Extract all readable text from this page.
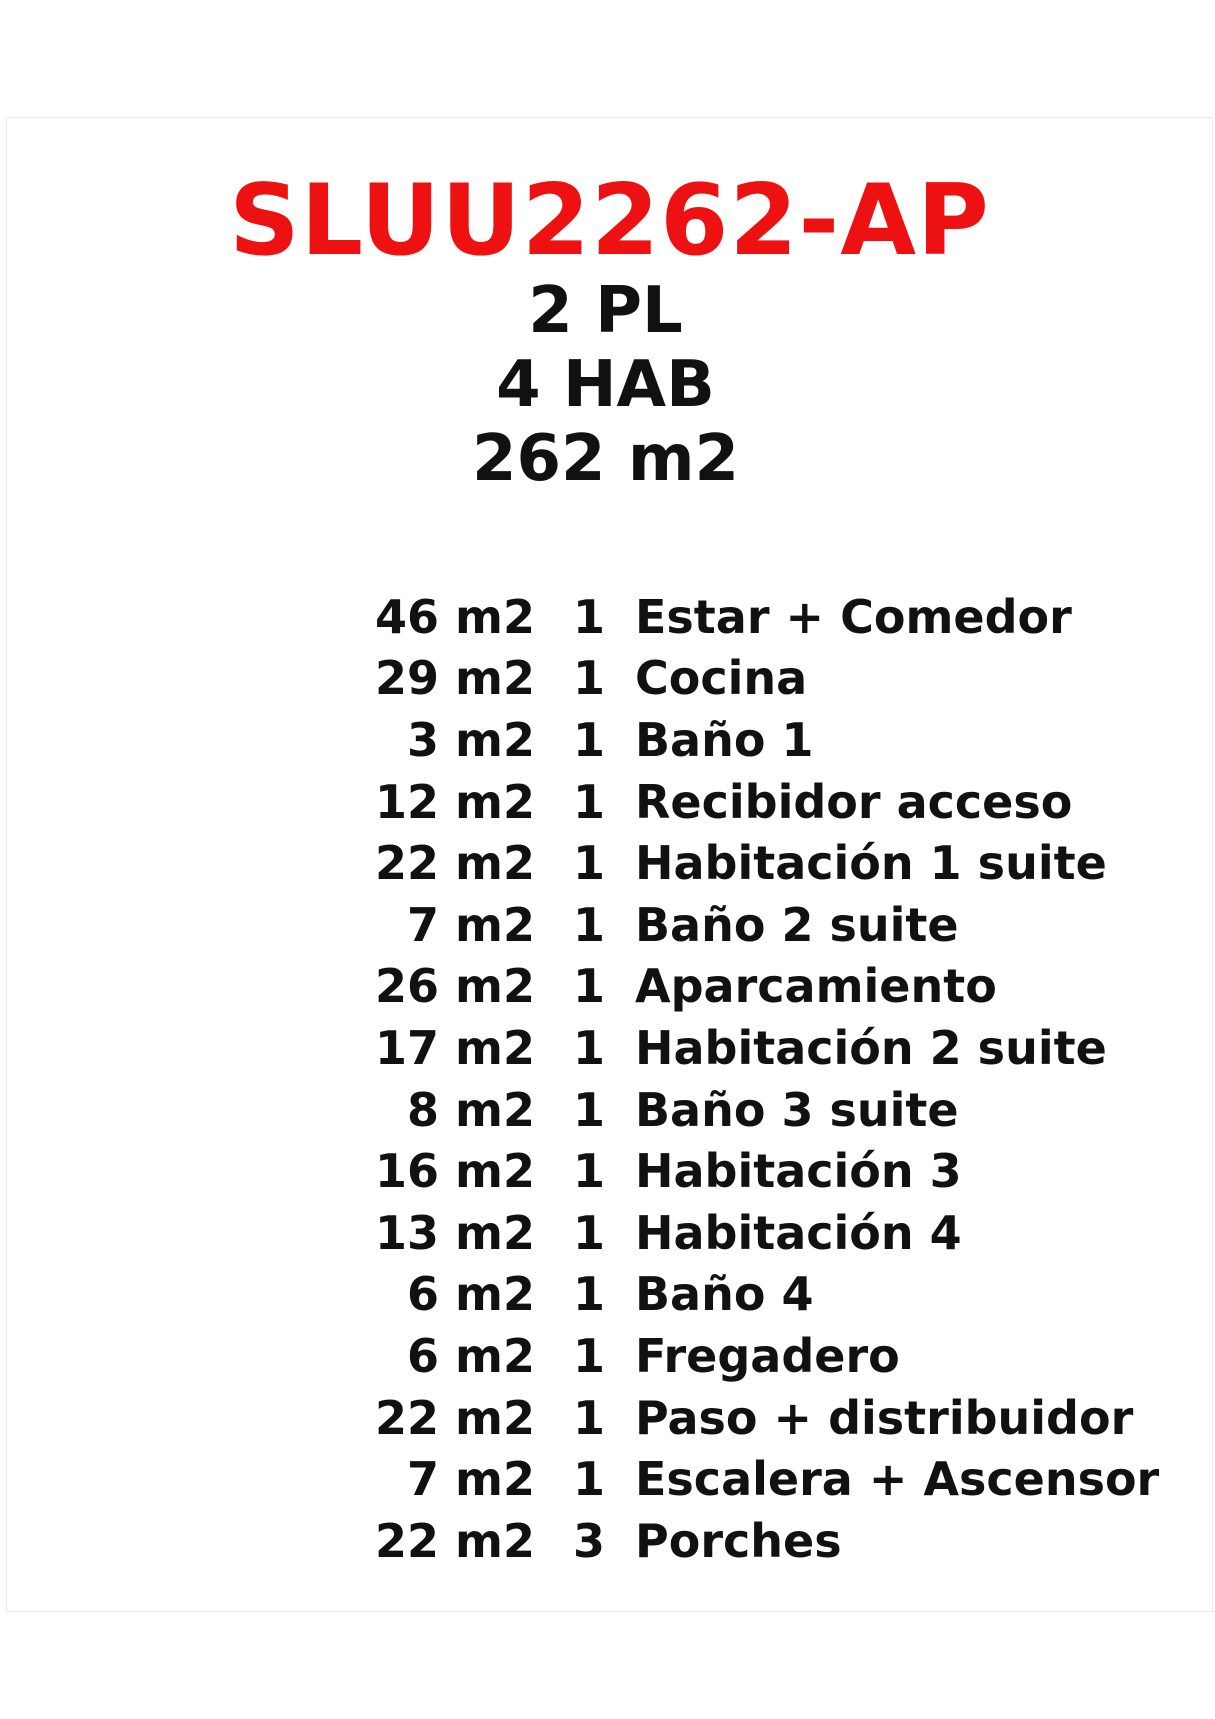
SLUU2262-AP
2 PL
4 HAB
262 m2
46 m2 1 Estar + Comedor
29 m2 1 Cocina
3 m2 1 Baño 1
12 m2 1 Recibidor acceso
22 m2 1 Habitación 1 suite
7 m2 1 Baño 2 suite
26 m2 1 Aparcamiento
17 m2 1 Habitación 2 suite
8 m2 1 Baño 3 suite
16 m2 1 Habitación 3
13 m2 1 Habitación 4
6 m2 1 Baño 4
6 m2 1 Fregadero
22 m2 1 Paso + distribuidor
7 m2 1 Escalera + Ascensor
22 m2 3 Porches
